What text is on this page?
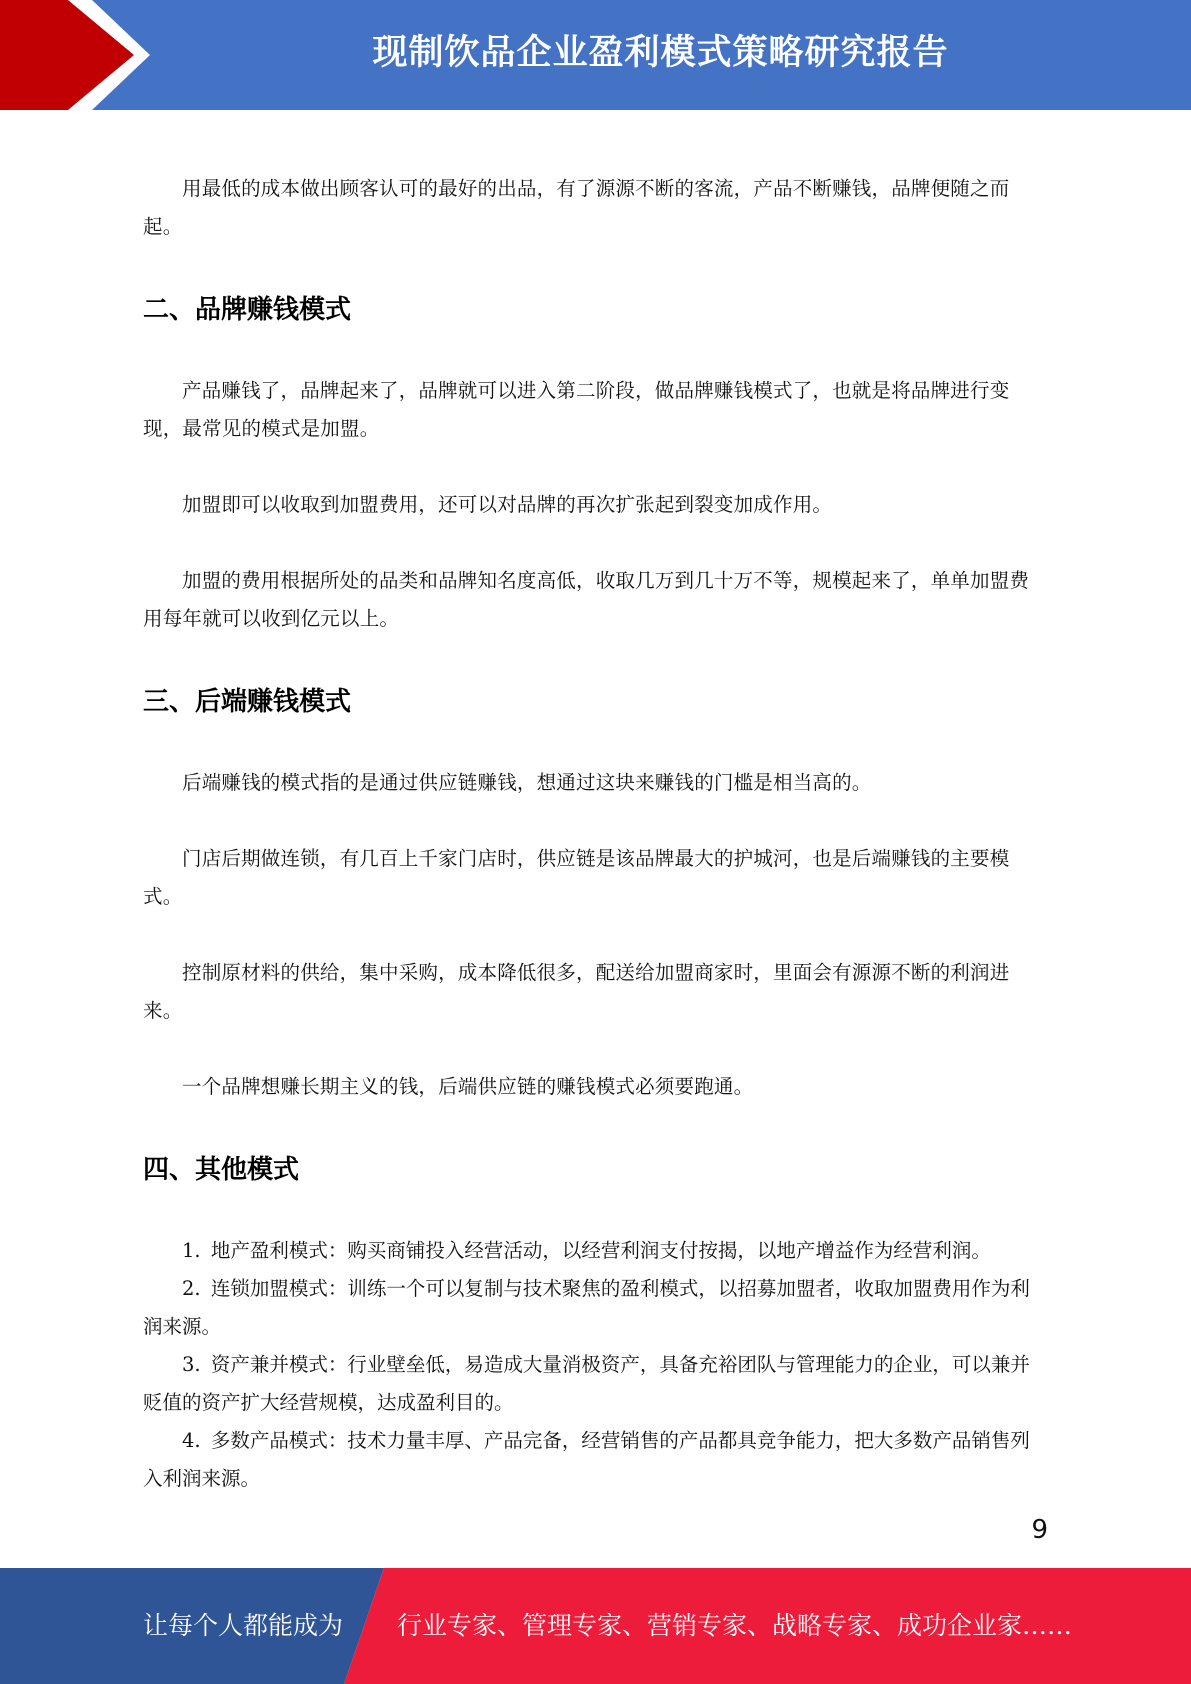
现制饮品企业盈利模式策略研究报告

用最低的成本做出顾客认可的最好的出品，有了源源不断的客流，产品不断赚钱，品牌便随之而起。

二、品牌赚钱模式

产品赚钱了，品牌起来了，品牌就可以进入第二阶段，做品牌赚钱模式了，也就是将品牌进行变现，最常见的模式是加盟。

加盟即可以收取到加盟费用，还可以对品牌的再次扩张起到裂变加成作用。

加盟的费用根据所处的品类和品牌知名度高低，收取几万到几十万不等，规模起来了，单单加盟费用每年就可以收到亿元以上。

三、后端赚钱模式

后端赚钱的模式指的是通过供应链赚钱，想通过这块来赚钱的门槛是相当高的。

门店后期做连锁，有几百上千家门店时，供应链是该品牌最大的护城河，也是后端赚钱的主要模式。

控制原材料的供给，集中采购，成本降低很多，配送给加盟商家时，里面会有源源不断的利润进来。

一个品牌想赚长期主义的钱，后端供应链的赚钱模式必须要跑通。

四、其他模式
1. 地产盈利模式：购买商铺投入经营活动，以经营利润支付按揭，以地产增益作为经营利润。
2. 连锁加盟模式：训练一个可以复制与技术聚焦的盈利模式，以招募加盟者，收取加盟费用作为利润来源。
3. 资产兼并模式：行业壁垒低，易造成大量消极资产，具备充裕团队与管理能力的企业，可以兼并贬值的资产扩大经营规模，达成盈利目的。
4. 多数产品模式：技术力量丰厚、产品完备，经营销售的产品都具竞争能力，把大多数产品销售列入利润来源。
9
让每个人都能成为 行业专家、管理专家、营销专家、战略专家、成功企业家……
